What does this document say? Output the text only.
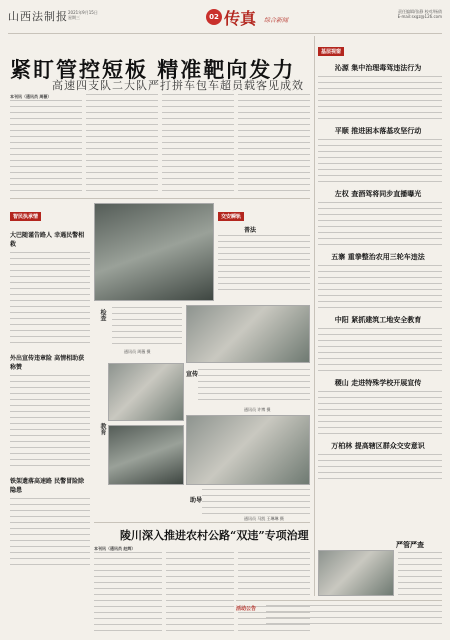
山西法制报 2021年9月15日
星期三	02 传真 综合新闻
责任编辑/张静 校对/杨倩
E-mail:sxgz@126.com
紧盯管控短板 精准靶向发力
高速四支队二大队严打拼车包车超员载客见成效
本刊讯（通讯员 周薇）
智民执承情
大巴随谨告路人 幸遇民警相救
外出宣传违章险 高情相助获称赞
铁架遗落高速路 民警冒险除隐患
交安瞬轨
普法
检查
通讯员 周薇 摄
教育
宣传
通讯员 许博 摄
助导
通讯员 马凯 王琳琳 摄
陵川深入推进农村公路“双违”专项治理
本刊讯（通讯员 赵辉）
基层视窗
沁源 集中治理毒驾违法行为
平顺 推进困本落基攻坚行动
左权 查酒驾将同步直播曝光
五寨 重拳整治农用三轮车违法
中阳 紧抓建筑工地安全教育
稷山 走进特殊学校开展宣传
万柏林 提高辖区群众交安意识
严管严查
活动公告
